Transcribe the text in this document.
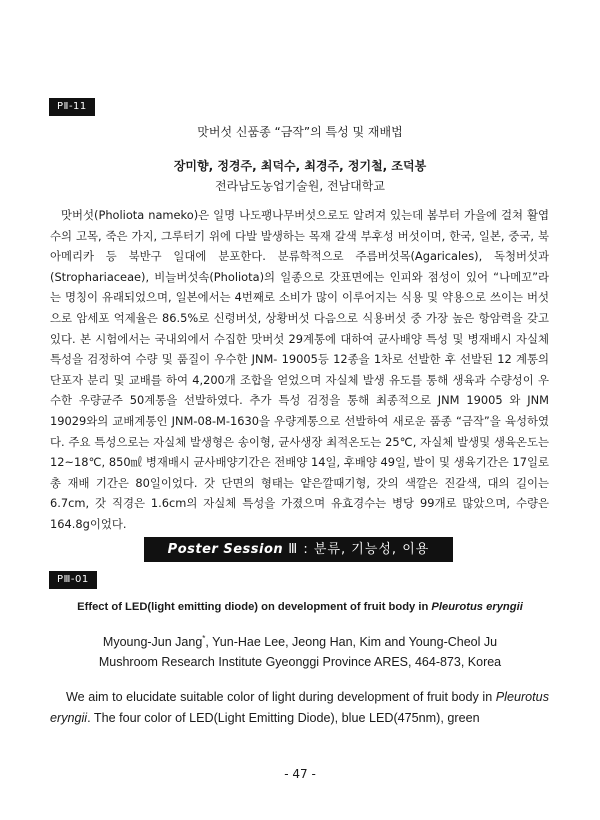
PⅡ-11
맛버섯 신품종 “금작”의 특성 및 재배법
장미향, 정경주, 최덕수, 최경주, 정기철, 조덕봉
전라남도농업기술원, 전남대학교

맛버섯(Pholiota nameko)은 일명 나도팽나무버섯으로도 알려져 있는데 봄부터 가을에 걸쳐 활엽수의 고목, 죽은 가지, 그루터기 위에 다발 발생하는 목재 갈색 부후성 버섯이며, 한국, 일본, 중국, 북아메리카 등 북반구 일대에 분포한다. 분류학적으로 주름버섯목(Agaricales), 독청버섯과(Strophariaceae), 비늘버섯속(Pholiota)의 일종으로 갓표면에는 인피와 점성이 있어 “나메꼬”라는 명칭이 유래되었으며, 일본에서는 4번째로 소비가 많이 이루어지는 식용 및 약용으로 쓰이는 버섯으로 암세포 억제율은 86.5%로 신령버섯, 상황버섯 다음으로 식용버섯 중 가장 높은 항암력을 갖고 있다. 본 시험에서는 국내외에서 수집한 맛버섯 29계통에 대하여 균사배양 특성 및 병재배시 자실체 특성을 검정하여 수량 및 품질이 우수한 JNM- 19005등 12종을 1차로 선발한 후 선발된 12 계통의 단포자 분리 및 교배를 하여 4,200개 조합을 얻었으며 자실체 발생 유도를 통해 생육과 수량성이 우수한 우량균주 50계통을 선발하였다. 추가 특성 검정을 통해 최종적으로 JNM 19005 와 JNM 19029와의 교배계통인 JNM-08-M-1630을 우량계통으로 선발하여 새로운 품종 “금작”을 육성하였다. 주요 특성으로는 자실체 발생형은 송이형, 균사생장 최적온도는 25℃, 자실체 발생및 생육온도는 12~18℃, 850㎖ 병재배시 균사배양기간은 전배양 14일, 후배양 49일, 발이 및 생육기간은 17일로 총 재배 기간은 80일이었다. 갓 단면의 형태는 얕은깔때기형, 갓의 색깔은 진갈색, 대의 길이는 6.7cm, 갓 직경은 1.6cm의 자실체 특성을 가졌으며 유효경수는 병당 99개로 많았으며, 수량은 164.8g이었다.

Poster Session Ⅲ : 분류, 기능성, 이용
PⅢ-01
Effect of LED(light emitting diode) on development of fruit body in Pleurotus eryngii
Myoung-Jun Jang*, Yun-Hae Lee, Jeong Han, Kim and Young-Cheol Ju
Mushroom Research Institute Gyeonggi Province ARES, 464-873, Korea

We aim to elucidate suitable color of light during development of fruit body in Pleurotus eryngii. The four color of LED(Light Emitting Diode), blue LED(475nm), green

- 47 -
